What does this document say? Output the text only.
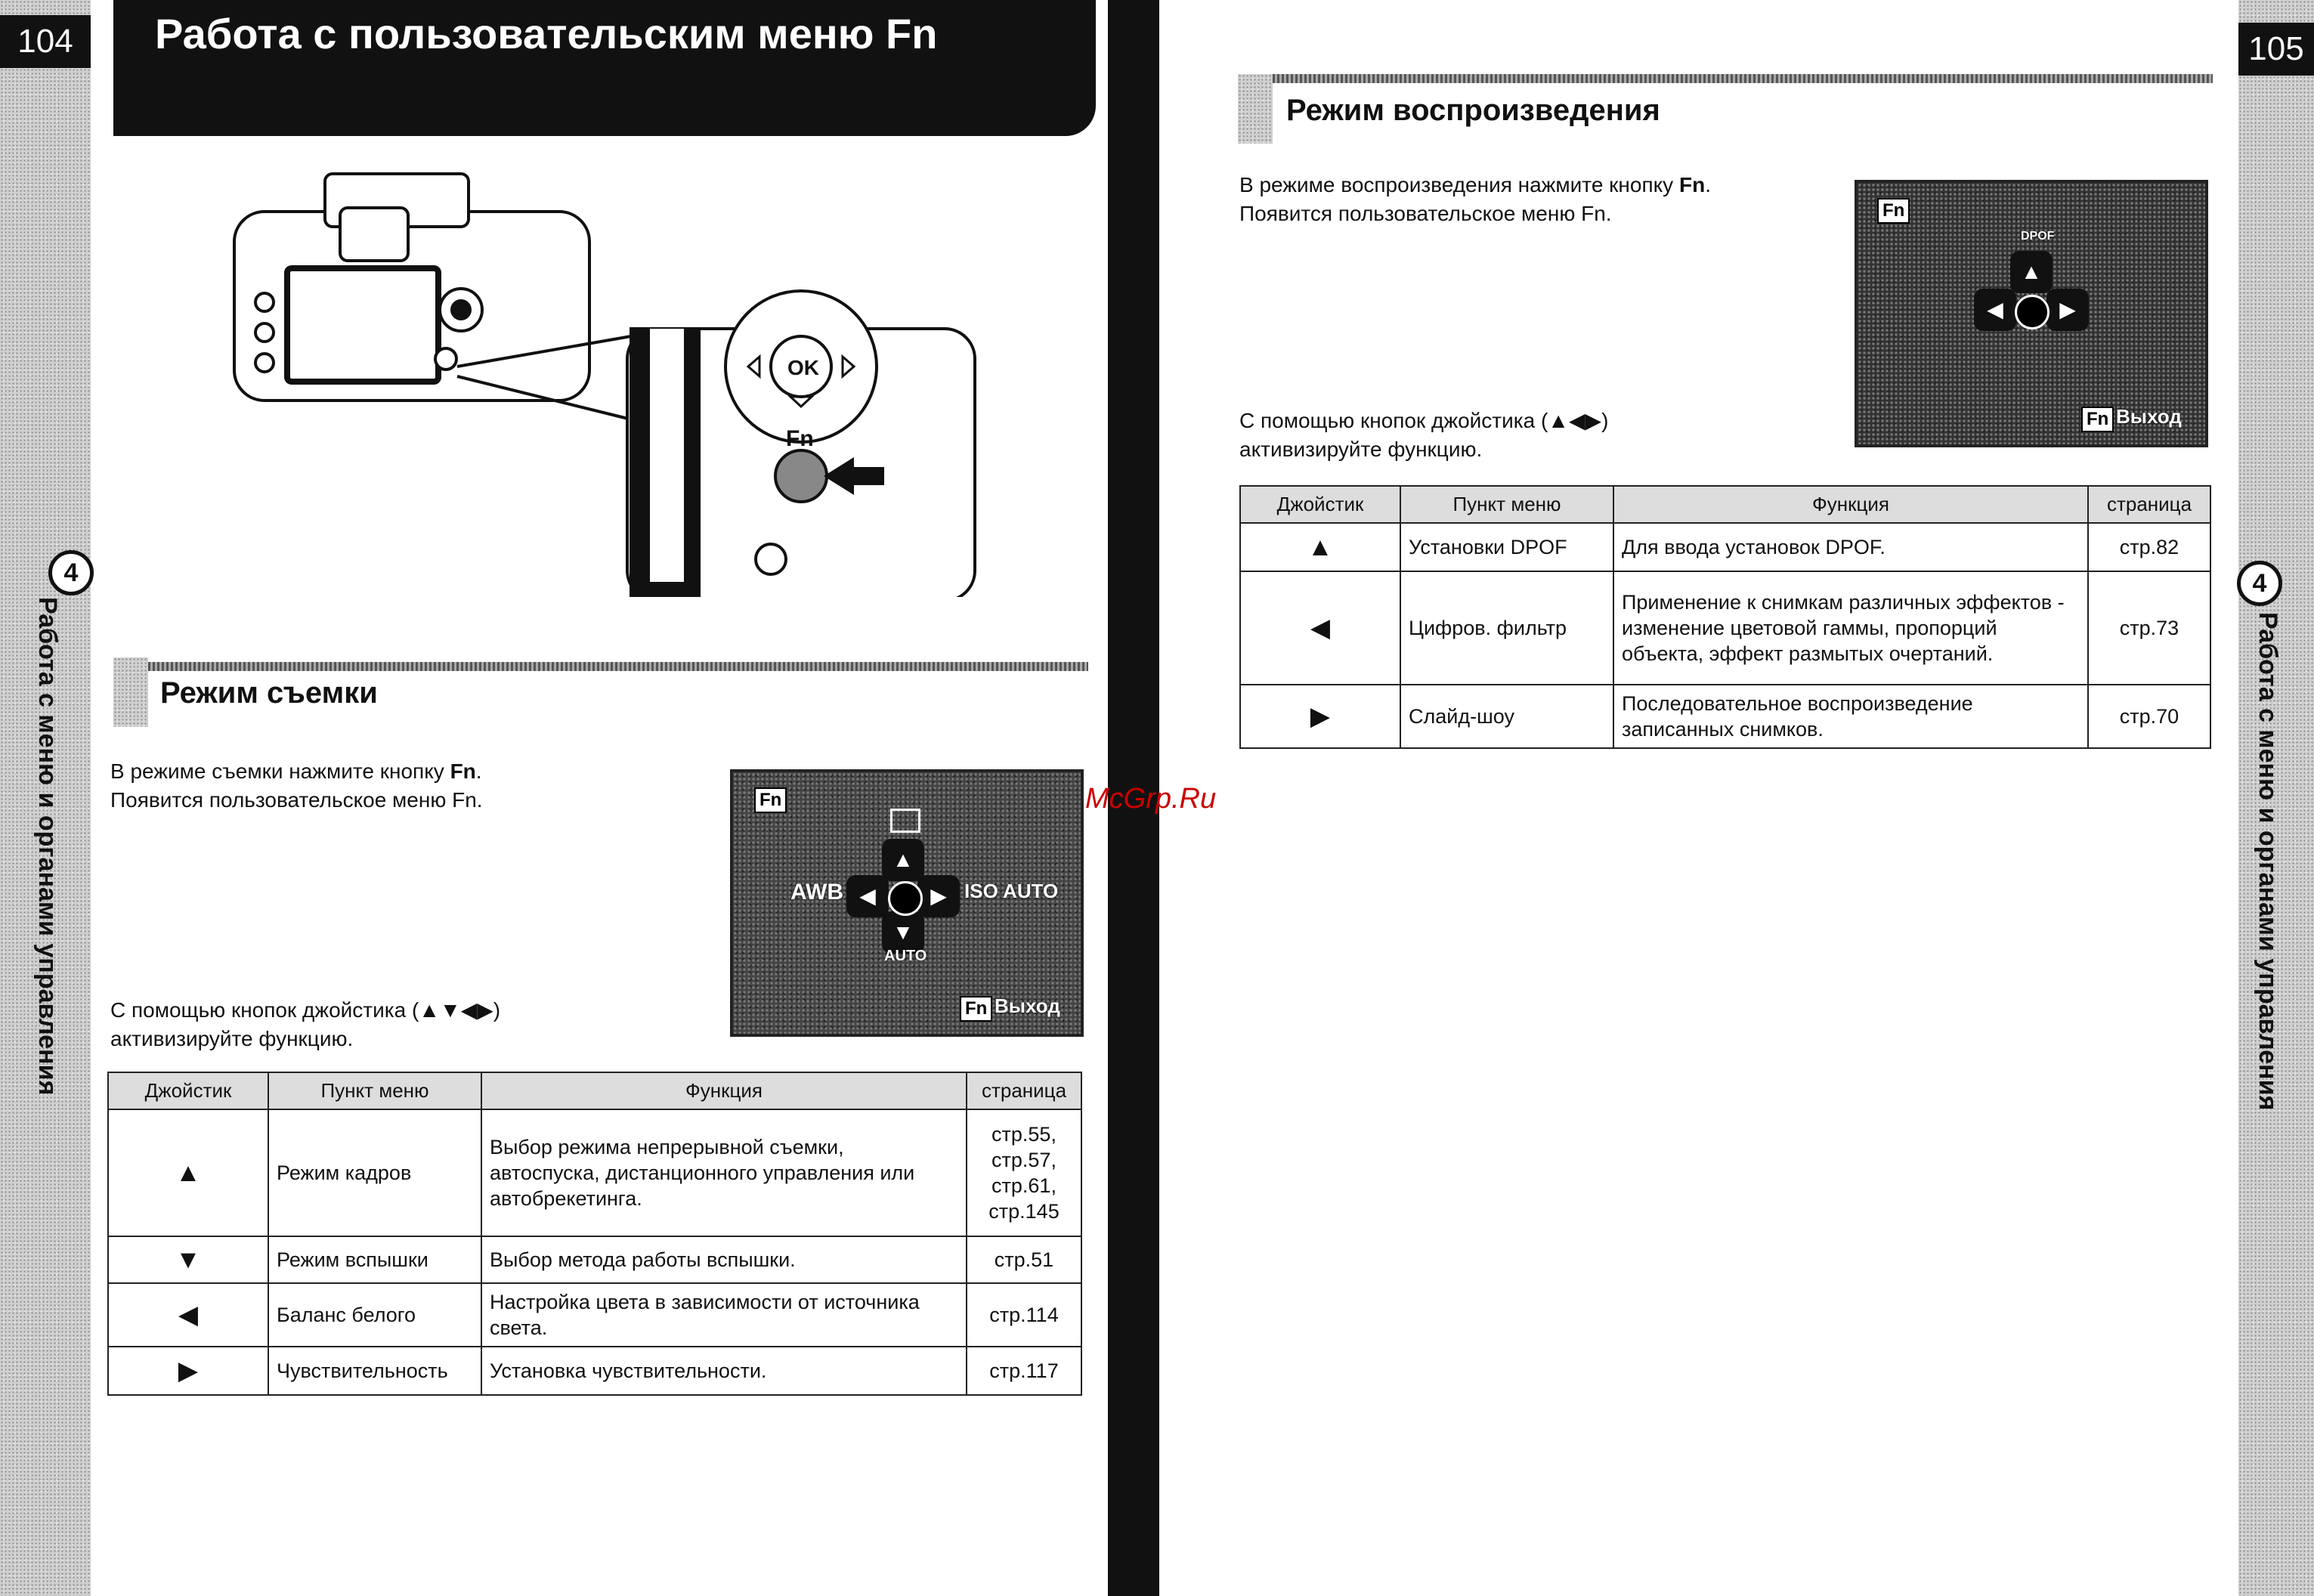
104	Работа с пользовательским меню Fn
4
Работа с меню и органами управления
OK
Fn
Режим съемки
В режиме съемки нажмите кнопку Fn.
Появится пользовательское меню Fn.
С помощью кнопок джойстика (▲▼◀▶)
активизируйте функцию.
Fn
▲
▼
◀	▶
AWB	ISO AUTO
AUTO
Fn Выход
Джойстик	Пункт меню	Функция	страница
▲	Режим кадров	Выбор режима непрерывной съемки, автоспуска, дистанционного управления или автобрекетинга.	стр.55, стр.57, стр.61, стр.145
▼	Режим вспышки	Выбор метода работы вспышки.	стр.51
◀	Баланс белого	Настройка цвета в зависимости от источника света.	стр.114
▶	Чувствительность	Установка чувствительности.	стр.117
McGrp.Ru
105
4
Работа с меню и органами управления
Режим воспроизведения
В режиме воспроизведения нажмите кнопку Fn.
Появится пользовательское меню Fn.
С помощью кнопок джойстика (▲◀▶)
активизируйте функцию.
Fn
DPOF
▲
◀	▶
Fn Выход
Джойстик	Пункт меню	Функция	страница
▲	Установки DPOF	Для ввода установок DPOF.	стр.82
◀	Цифров. фильтр	Применение к снимкам различных эффектов - изменение цветовой гаммы, пропорций объекта, эффект размытых очертаний.	стр.73
▶	Слайд-шоу	Последовательное воспроизведение записанных снимков.	стр.70
